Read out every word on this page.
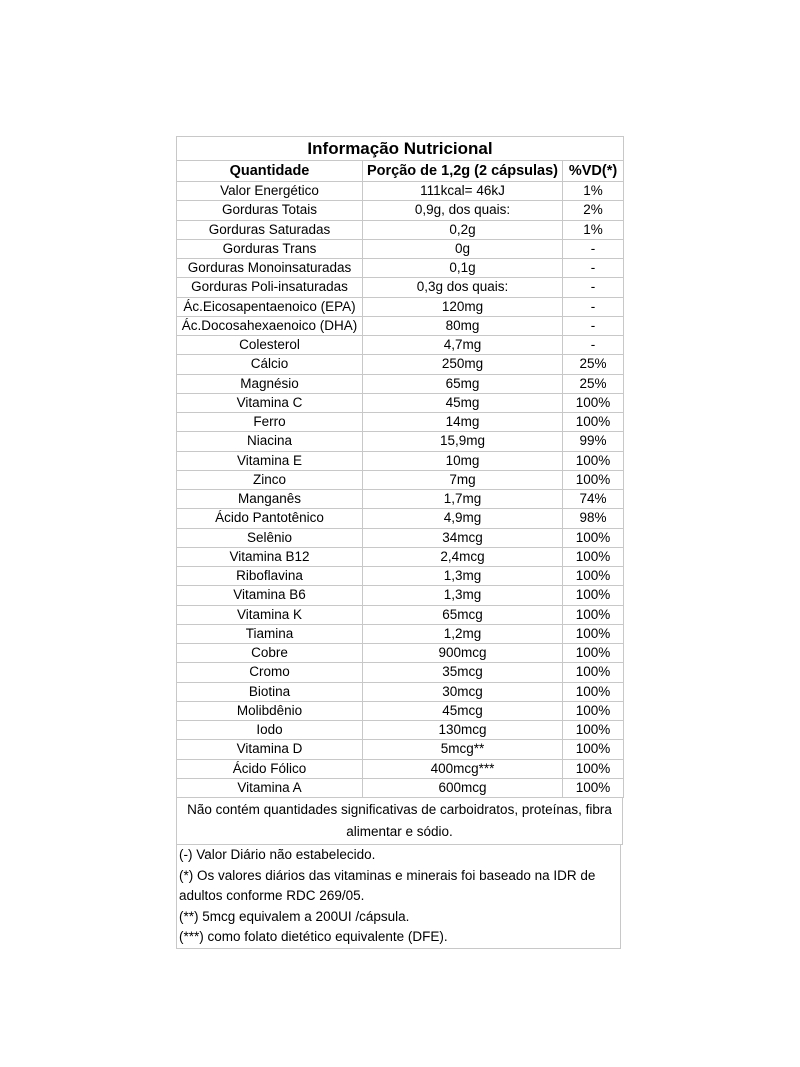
Informação Nutricional		
Quantidade	Porção de 1,2g (2 cápsulas)	%VD(*)
Valor Energético	111kcal= 46kJ	1%
Gorduras Totais	0,9g, dos quais:	2%
Gorduras Saturadas	0,2g	1%
Gorduras Trans	0g	-
Gorduras Monoinsaturadas	0,1g	-
Gorduras Poli-insaturadas	0,3g dos quais:	-
Ác.Eicosapentaenoico (EPA)	120mg	-
Ác.Docosahexaenoico (DHA)	80mg	-
Colesterol	4,7mg	-
Cálcio	250mg	25%
Magnésio	65mg	25%
Vitamina C	45mg	100%
Ferro	14mg	100%
Niacina	15,9mg	99%
Vitamina E	10mg	100%
Zinco	7mg	100%
Manganês	1,7mg	74%
Ácido Pantotênico	4,9mg	98%
Selênio	34mcg	100%
Vitamina B12	2,4mcg	100%
Riboflavina	1,3mg	100%
Vitamina B6	1,3mg	100%
Vitamina K	65mcg	100%
Tiamina	1,2mg	100%
Cobre	900mcg	100%
Cromo	35mcg	100%
Biotina	30mcg	100%
Molibdênio	45mcg	100%
Iodo	130mcg	100%
Vitamina D	5mcg**	100%
Ácido Fólico	400mcg***	100%
Vitamina A	600mcg	100%
Não contém quantidades significativas de carboidratos, proteínas, fibra alimentar e sódio.
(-) Valor Diário não estabelecido.
(*) Os valores diários das vitaminas e minerais foi baseado na IDR de adultos conforme RDC 269/05.
(**) 5mcg equivalem a 200UI /cápsula.
(***) como folato dietético equivalente (DFE).
